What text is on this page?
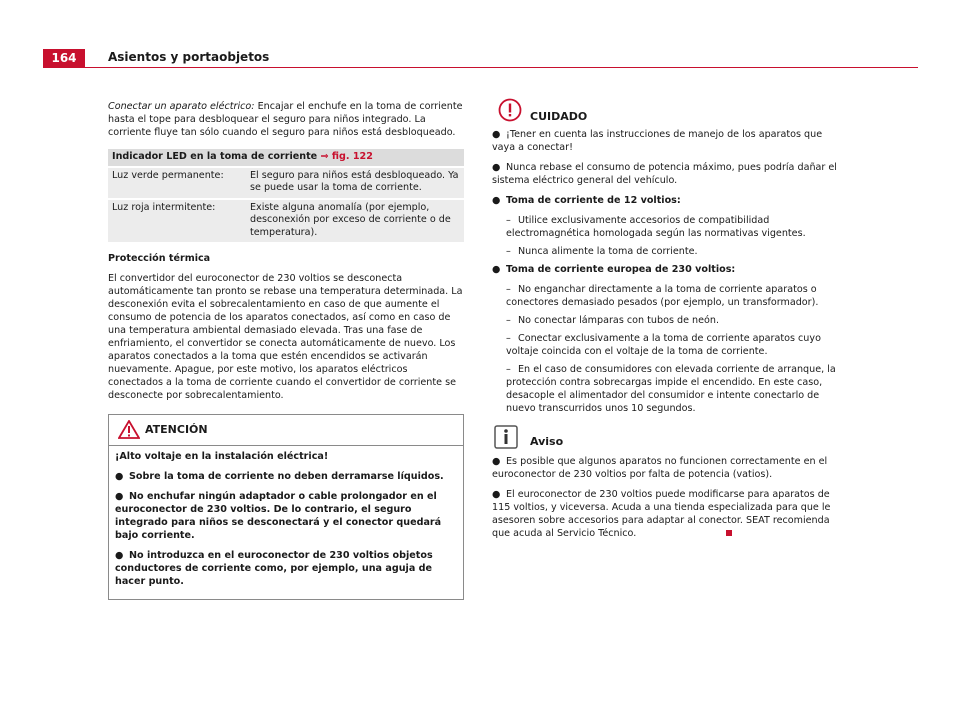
164	Asientos y portaobjetos

Conectar un aparato eléctrico: Encajar el enchufe en la toma de corriente hasta el tope para desbloquear el seguro para niños integrado. La corriente fluye tan sólo cuando el seguro para niños está desbloqueado.

Indicador LED en la toma de corriente ⇒ fig. 122	
Luz verde permanente:	El seguro para niños está desbloqueado. Ya se puede usar la toma de corriente.
Luz roja intermitente:	Existe alguna anomalía (por ejemplo, desconexión por exceso de corriente o de temperatura).

Protección térmica

El convertidor del euroconector de 230 voltios se desconecta automáticamente tan pronto se rebase una temperatura determinada. La desconexión evita el sobrecalentamiento en caso de que aumente el consumo de potencia de los aparatos conectados, así como en caso de una temperatura ambiental demasiado elevada. Tras una fase de enfriamiento, el convertidor se conecta automáticamente de nuevo. Los aparatos conectados a la toma que estén encendidos se activarán nuevamente. Apague, por este motivo, los aparatos eléctricos conectados a la toma de corriente cuando el convertidor de corriente se desconecte por sobrecalentamiento.

ATENCIÓN

¡Alto voltaje en la instalación eléctrica!

● Sobre la toma de corriente no deben derramarse líquidos.

● No enchufar ningún adaptador o cable prolongador en el euroconector de 230 voltios. De lo contrario, el seguro integrado para niños se desconectará y el conector quedará bajo corriente.

● No introduzca en el euroconector de 230 voltios objetos conductores de corriente como, por ejemplo, una aguja de hacer punto.

CUIDADO

● ¡Tener en cuenta las instrucciones de manejo de los aparatos que vaya a conectar!

● Nunca rebase el consumo de potencia máximo, pues podría dañar el sistema eléctrico general del vehículo.

● Toma de corriente de 12 voltios:

– Utilice exclusivamente accesorios de compatibilidad electromagnética homologada según las normativas vigentes.

– Nunca alimente la toma de corriente.

● Toma de corriente europea de 230 voltios:

– No enganchar directamente a la toma de corriente aparatos o conectores demasiado pesados (por ejemplo, un transformador).

– No conectar lámparas con tubos de neón.

– Conectar exclusivamente a la toma de corriente aparatos cuyo voltaje coincida con el voltaje de la toma de corriente.

– En el caso de consumidores con elevada corriente de arranque, la protección contra sobrecargas impide el encendido. En este caso, desacople el alimentador del consumidor e intente conectarlo de nuevo transcurridos unos 10 segundos.

Aviso

● Es posible que algunos aparatos no funcionen correctamente en el euroconector de 230 voltios por falta de potencia (vatios).

● El euroconector de 230 voltios puede modificarse para aparatos de 115 voltios, y viceversa. Acuda a una tienda especializada para que le asesoren sobre accesorios para adaptar al conector. SEAT recomienda que acuda al Servicio Técnico.
